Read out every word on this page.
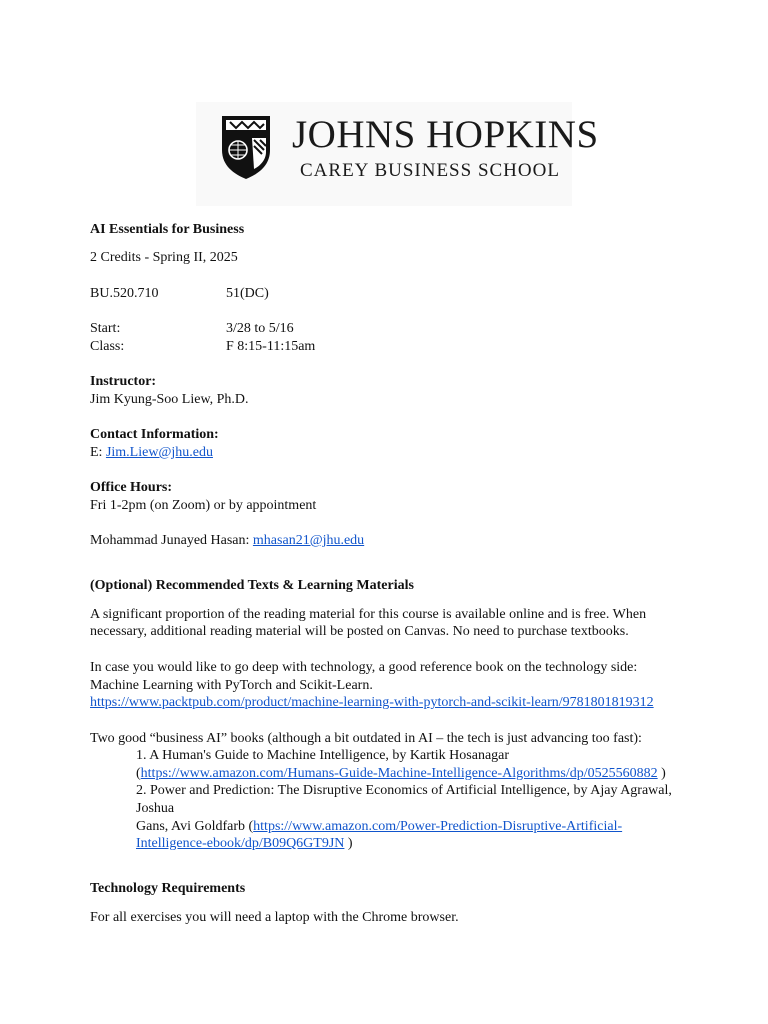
JOHNS HOPKINS
CAREY BUSINESS SCHOOL
AI Essentials for Business
2 Credits - Spring II, 2025
BU.520.710	51(DC)
Start:	3/28 to 5/16
Class:	F 8:15-11:15am
Instructor:
Jim Kyung-Soo Liew, Ph.D.
Contact Information:
E: Jim.Liew@jhu.edu
Office Hours:
Fri 1-2pm (on Zoom) or by appointment
Mohammad Junayed Hasan: mhasan21@jhu.edu
(Optional) Recommended Texts & Learning Materials
A significant proportion of the reading material for this course is available online and is free. When
necessary, additional reading material will be posted on Canvas. No need to purchase textbooks.
In case you would like to go deep with technology, a good reference book on the technology side:
Machine Learning with PyTorch and Scikit-Learn.
https://www.packtpub.com/product/machine-learning-with-pytorch-and-scikit-learn/9781801819312
Two good “business AI” books (although a bit outdated in AI – the tech is just advancing too fast):
1. A Human's Guide to Machine Intelligence, by Kartik Hosanagar
(https://www.amazon.com/Humans-Guide-Machine-Intelligence-Algorithms/dp/0525560882 )
2. Power and Prediction: The Disruptive Economics of Artificial Intelligence, by Ajay Agrawal,
Joshua
Gans, Avi Goldfarb (https://www.amazon.com/Power-Prediction-Disruptive-Artificial-
Intelligence-ebook/dp/B09Q6GT9JN )
Technology Requirements
For all exercises you will need a laptop with the Chrome browser.
